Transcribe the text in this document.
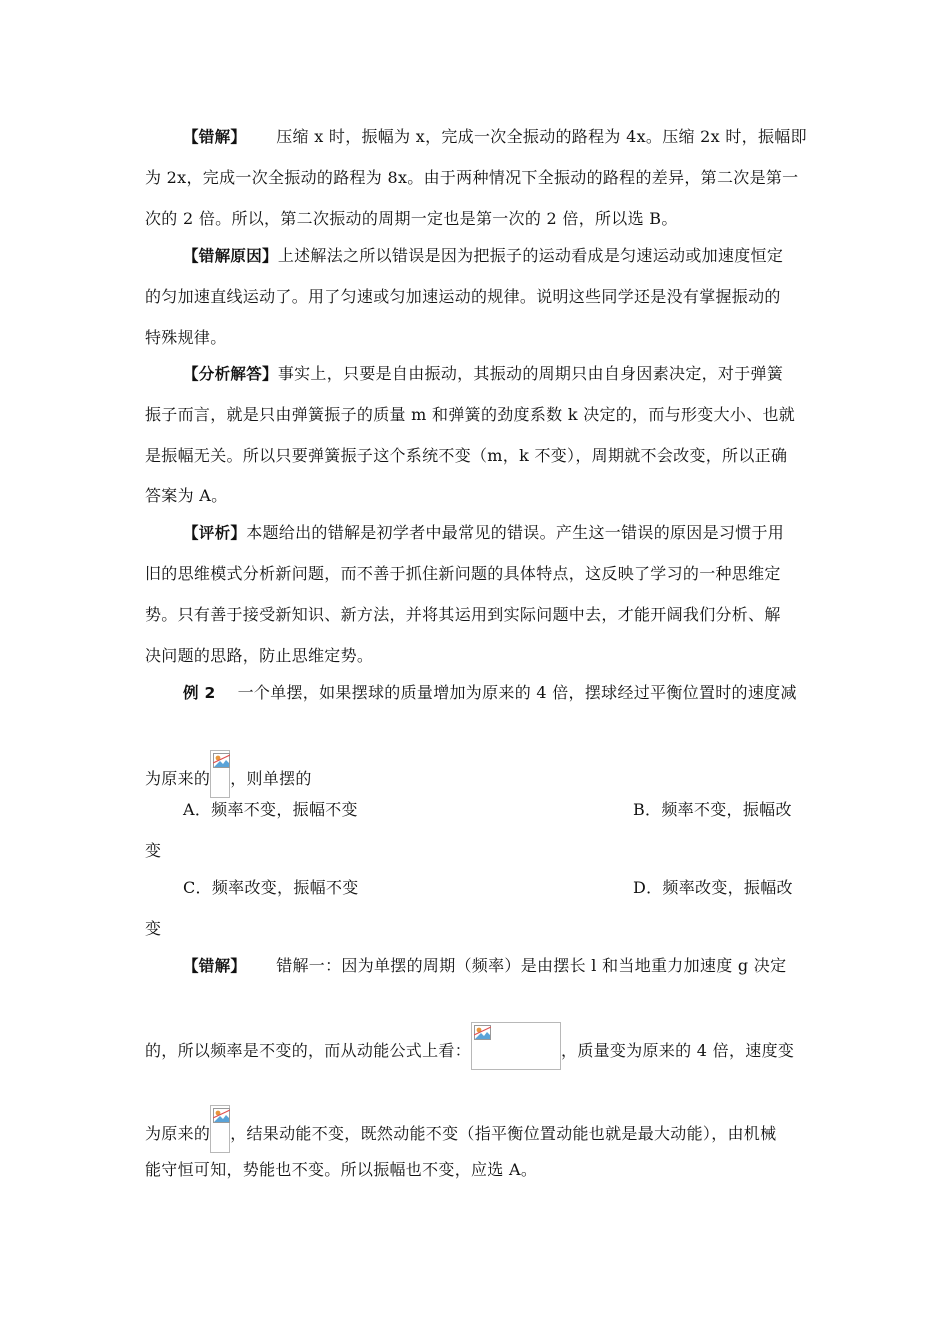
【错解】 压缩 x 时，振幅为 x，完成一次全振动的路程为 4x。压缩 2x 时，振幅即
为 2x，完成一次全振动的路程为 8x。由于两种情况下全振动的路程的差异，第二次是第一
次的 2 倍。所以，第二次振动的周期一定也是第一次的 2 倍，所以选 B。
【错解原因】上述解法之所以错误是因为把振子的运动看成是匀速运动或加速度恒定
的匀加速直线运动了。用了匀速或匀加速运动的规律。说明这些同学还是没有掌握振动的
特殊规律。
【分析解答】事实上，只要是自由振动，其振动的周期只由自身因素决定，对于弹簧
振子而言，就是只由弹簧振子的质量 m 和弹簧的劲度系数 k 决定的，而与形变大小、也就
是振幅无关。所以只要弹簧振子这个系统不变（m，k 不变），周期就不会改变，所以正确
答案为 A。
【评析】本题给出的错解是初学者中最常见的错误。产生这一错误的原因是习惯于用
旧的思维模式分析新问题，而不善于抓住新问题的具体特点，这反映了学习的一种思维定
势。只有善于接受新知识、新方法，并将其运用到实际问题中去，才能开阔我们分析、解
决问题的思路，防止思维定势。
例 2 一个单摆，如果摆球的质量增加为原来的 4 倍，摆球经过平衡位置时的速度减
为原来的 ，则单摆的
A．频率不变，振幅不变	B．频率不变，振幅改
变
C．频率改变，振幅不变	D．频率改变，振幅改
变
【错解】 错解一：因为单摆的周期（频率）是由摆长 l 和当地重力加速度 g 决定
的，所以频率是不变的，而从动能公式上看：	，质量变为原来的 4 倍，速度变
为原来的 ，结果动能不变，既然动能不变（指平衡位置动能也就是最大动能），由机械
能守恒可知，势能也不变。所以振幅也不变，应选 A。
